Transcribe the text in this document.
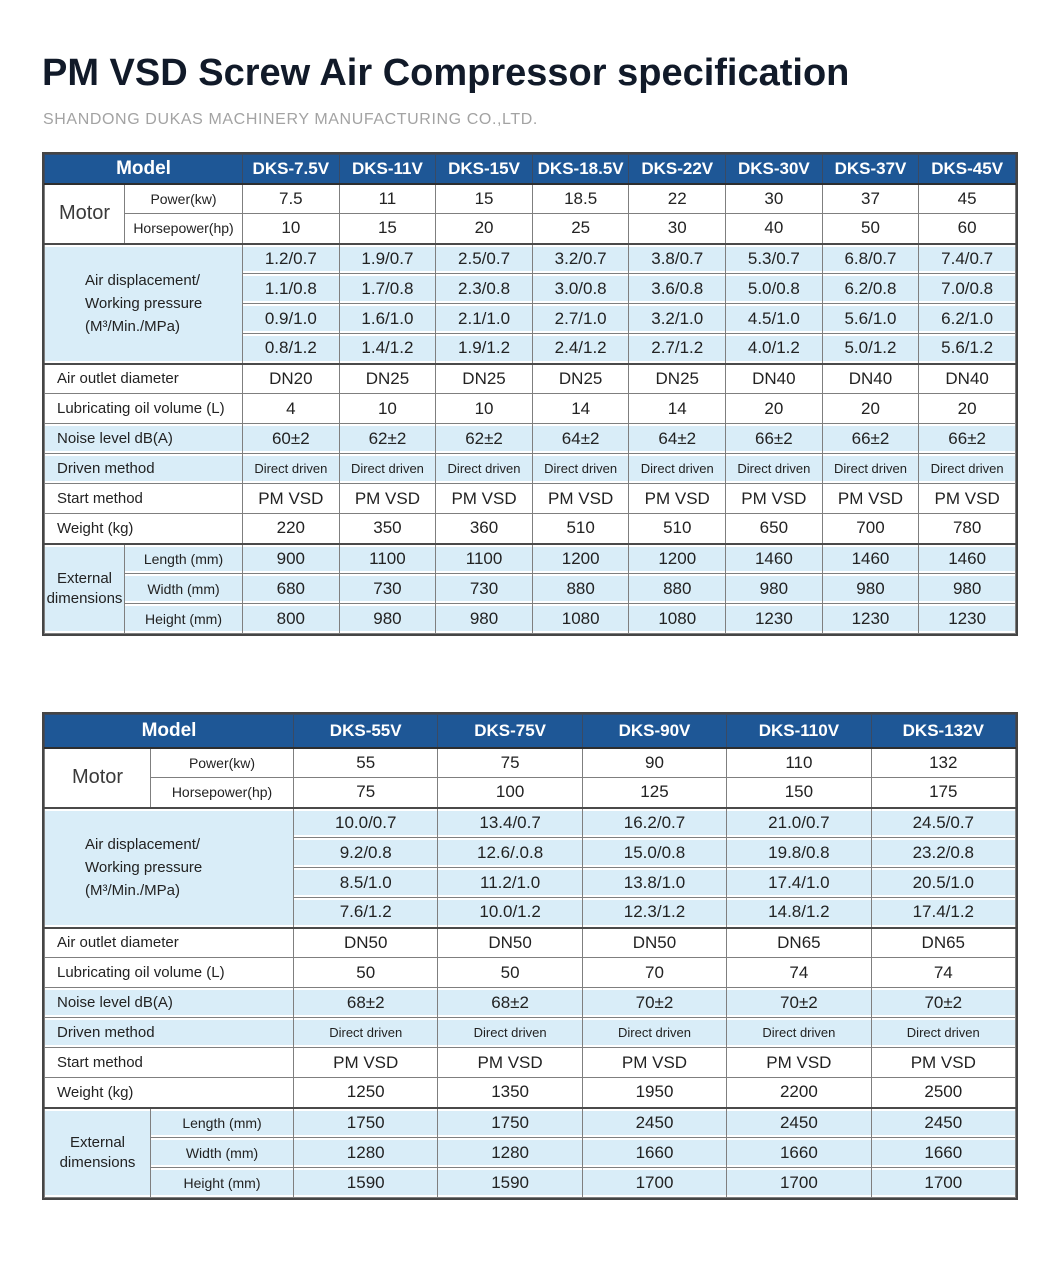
PM VSD Screw Air Compressor specification
SHANDONG DUKAS MACHINERY MANUFACTURING CO.,LTD.
Model		DKS-7.5V	DKS-11V	DKS-15V	DKS-18.5V	DKS-22V	DKS-30V	DKS-37V	DKS-45V
Motor	Power(kw)	7.5	11	15	18.5	22	30	37	45
	Horsepower(hp)	10	15	20	25	30	40	50	60

Air displacement/
Working pressure
(M³/Min./MPa)		1.2/0.7	1.9/0.7	2.5/0.7	3.2/0.7	3.8/0.7	5.3/0.7	6.8/0.7	7.4/0.7
		1.1/0.8	1.7/0.8	2.3/0.8	3.0/0.8	3.6/0.8	5.0/0.8	6.2/0.8	7.0/0.8
		0.9/1.0	1.6/1.0	2.1/1.0	2.7/1.0	3.2/1.0	4.5/1.0	5.6/1.0	6.2/1.0
		0.8/1.2	1.4/1.2	1.9/1.2	2.4/1.2	2.7/1.2	4.0/1.2	5.0/1.2	5.6/1.2
Air outlet diameter		DN20	DN25	DN25	DN25	DN25	DN40	DN40	DN40
Lubricating oil volume (L)		4	10	10	14	14	20	20	20
Noise level dB(A)		60±2	62±2	62±2	64±2	64±2	66±2	66±2	66±2
Driven method		Direct driven	Direct driven	Direct driven	Direct driven	Direct driven	Direct driven	Direct driven	Direct driven
Start method		PM VSD	PM VSD	PM VSD	PM VSD	PM VSD	PM VSD	PM VSD	PM VSD
Weight (kg)		220	350	360	510	510	650	700	780
External dimensions	Length (mm)	900	1100	1100	1200	1200	1460	1460	1460
	Width (mm)	680	730	730	880	880	980	980	980
	Height (mm)	800	980	980	1080	1080	1230	1230	1230
Model		DKS-55V	DKS-75V	DKS-90V	DKS-110V	DKS-132V
Motor	Power(kw)	55	75	90	110	132
	Horsepower(hp)	75	100	125	150	175

Air displacement/
Working pressure
(M³/Min./MPa)		10.0/0.7	13.4/0.7	16.2/0.7	21.0/0.7	24.5/0.7
		9.2/0.8	12.6/.0.8	15.0/0.8	19.8/0.8	23.2/0.8
		8.5/1.0	11.2/1.0	13.8/1.0	17.4/1.0	20.5/1.0
		7.6/1.2	10.0/1.2	12.3/1.2	14.8/1.2	17.4/1.2
Air outlet diameter		DN50	DN50	DN50	DN65	DN65
Lubricating oil volume (L)		50	50	70	74	74
Noise level dB(A)		68±2	68±2	70±2	70±2	70±2
Driven method		Direct driven	Direct driven	Direct driven	Direct driven	Direct driven
Start method		PM VSD	PM VSD	PM VSD	PM VSD	PM VSD
Weight (kg)		1250	1350	1950	2200	2500
External dimensions	Length (mm)	1750	1750	2450	2450	2450
	Width (mm)	1280	1280	1660	1660	1660
	Height (mm)	1590	1590	1700	1700	1700
